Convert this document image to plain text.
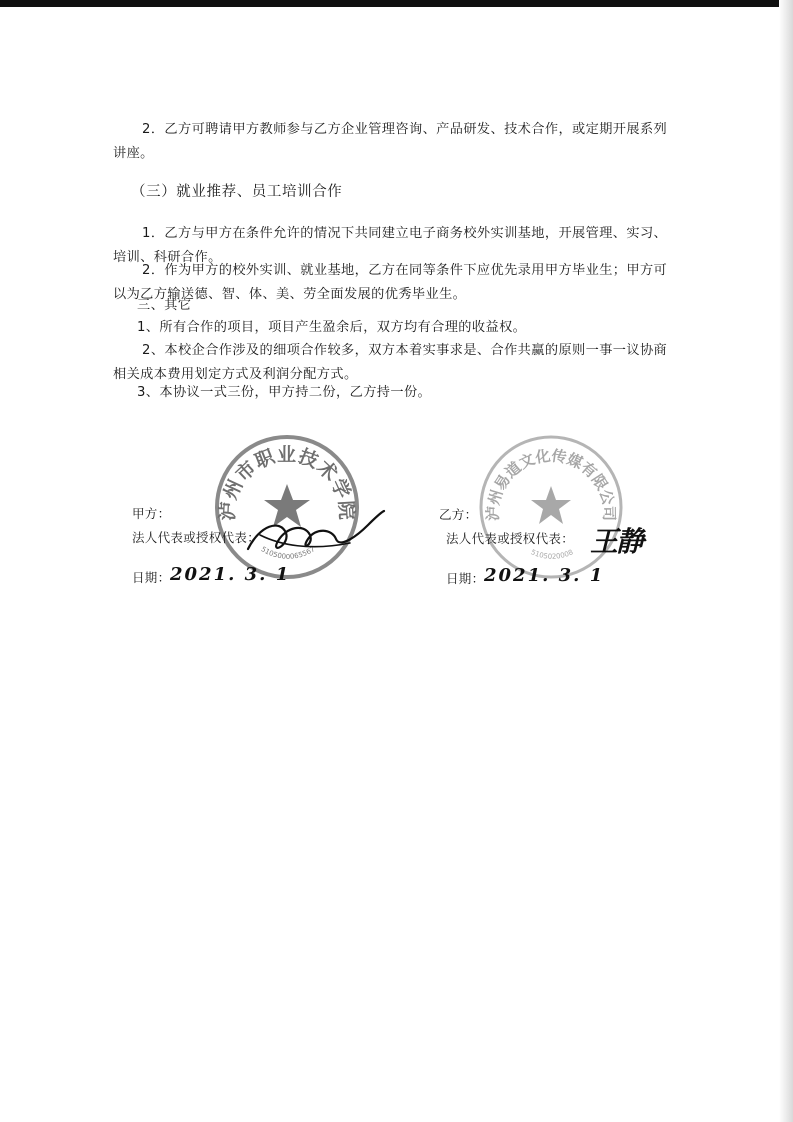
2．乙方可聘请甲方教师参与乙方企业管理咨询、产品研发、技术合作，或定期开展系列讲座。
（三）就业推荐、员工培训合作
1．乙方与甲方在条件允许的情况下共同建立电子商务校外实训基地，开展管理、实习、培训、科研合作。
2．作为甲方的校外实训、就业基地，乙方在同等条件下应优先录用甲方毕业生；甲方可以为乙方输送德、智、体、美、劳全面发展的优秀毕业生。
三、其它
1、所有合作的项目，项目产生盈余后，双方均有合理的收益权。
2、本校企合作涉及的细项合作较多，双方本着实事求是、合作共赢的原则一事一议协商相关成本费用划定方式及利润分配方式。
3、本协议一式三份，甲方持二份，乙方持一份。
泸州市职业技术学院
5105000065567
泸州易道文化传媒有限公司
5105020008
甲方：
法人代表或授权代表：
日期： 2021. 3. 1
乙方：
法人代表或授权代表： 王静
日期： 2021. 3. 1
